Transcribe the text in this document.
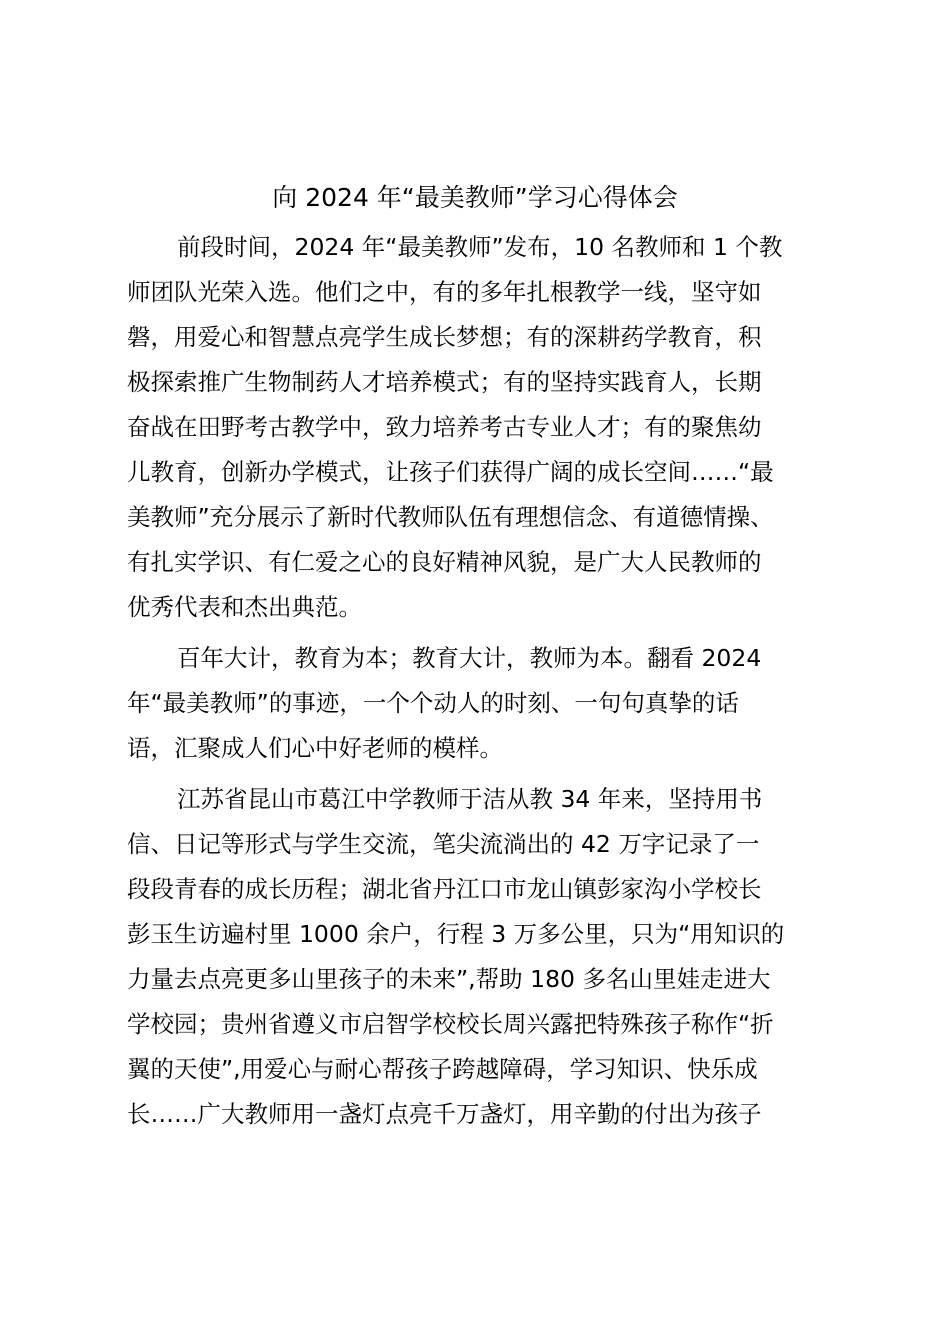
向 2024 年“最美教师”学习心得体会
前段时间，2024 年“最美教师”发布，10 名教师和 1 个教
师团队光荣入选。他们之中，有的多年扎根教学一线，坚守如
磐，用爱心和智慧点亮学生成长梦想；有的深耕药学教育，积
极探索推广生物制药人才培养模式；有的坚持实践育人，长期
奋战在田野考古教学中，致力培养考古专业人才；有的聚焦幼
儿教育，创新办学模式，让孩子们获得广阔的成长空间……“最
美教师”充分展示了新时代教师队伍有理想信念、有道德情操、
有扎实学识、有仁爱之心的良好精神风貌，是广大人民教师的
优秀代表和杰出典范。
百年大计，教育为本；教育大计，教师为本。翻看 2024
年“最美教师”的事迹，一个个动人的时刻、一句句真挚的话
语，汇聚成人们心中好老师的模样。
江苏省昆山市葛江中学教师于洁从教 34 年来，坚持用书
信、日记等形式与学生交流，笔尖流淌出的 42 万字记录了一
段段青春的成长历程；湖北省丹江口市龙山镇彭家沟小学校长
彭玉生访遍村里 1000 余户，行程 3 万多公里，只为“用知识的
力量去点亮更多山里孩子的未来”,帮助 180 多名山里娃走进大
学校园；贵州省遵义市启智学校校长周兴露把特殊孩子称作“折
翼的天使”,用爱心与耐心帮孩子跨越障碍，学习知识、快乐成
长……广大教师用一盏灯点亮千万盏灯，用辛勤的付出为孩子
